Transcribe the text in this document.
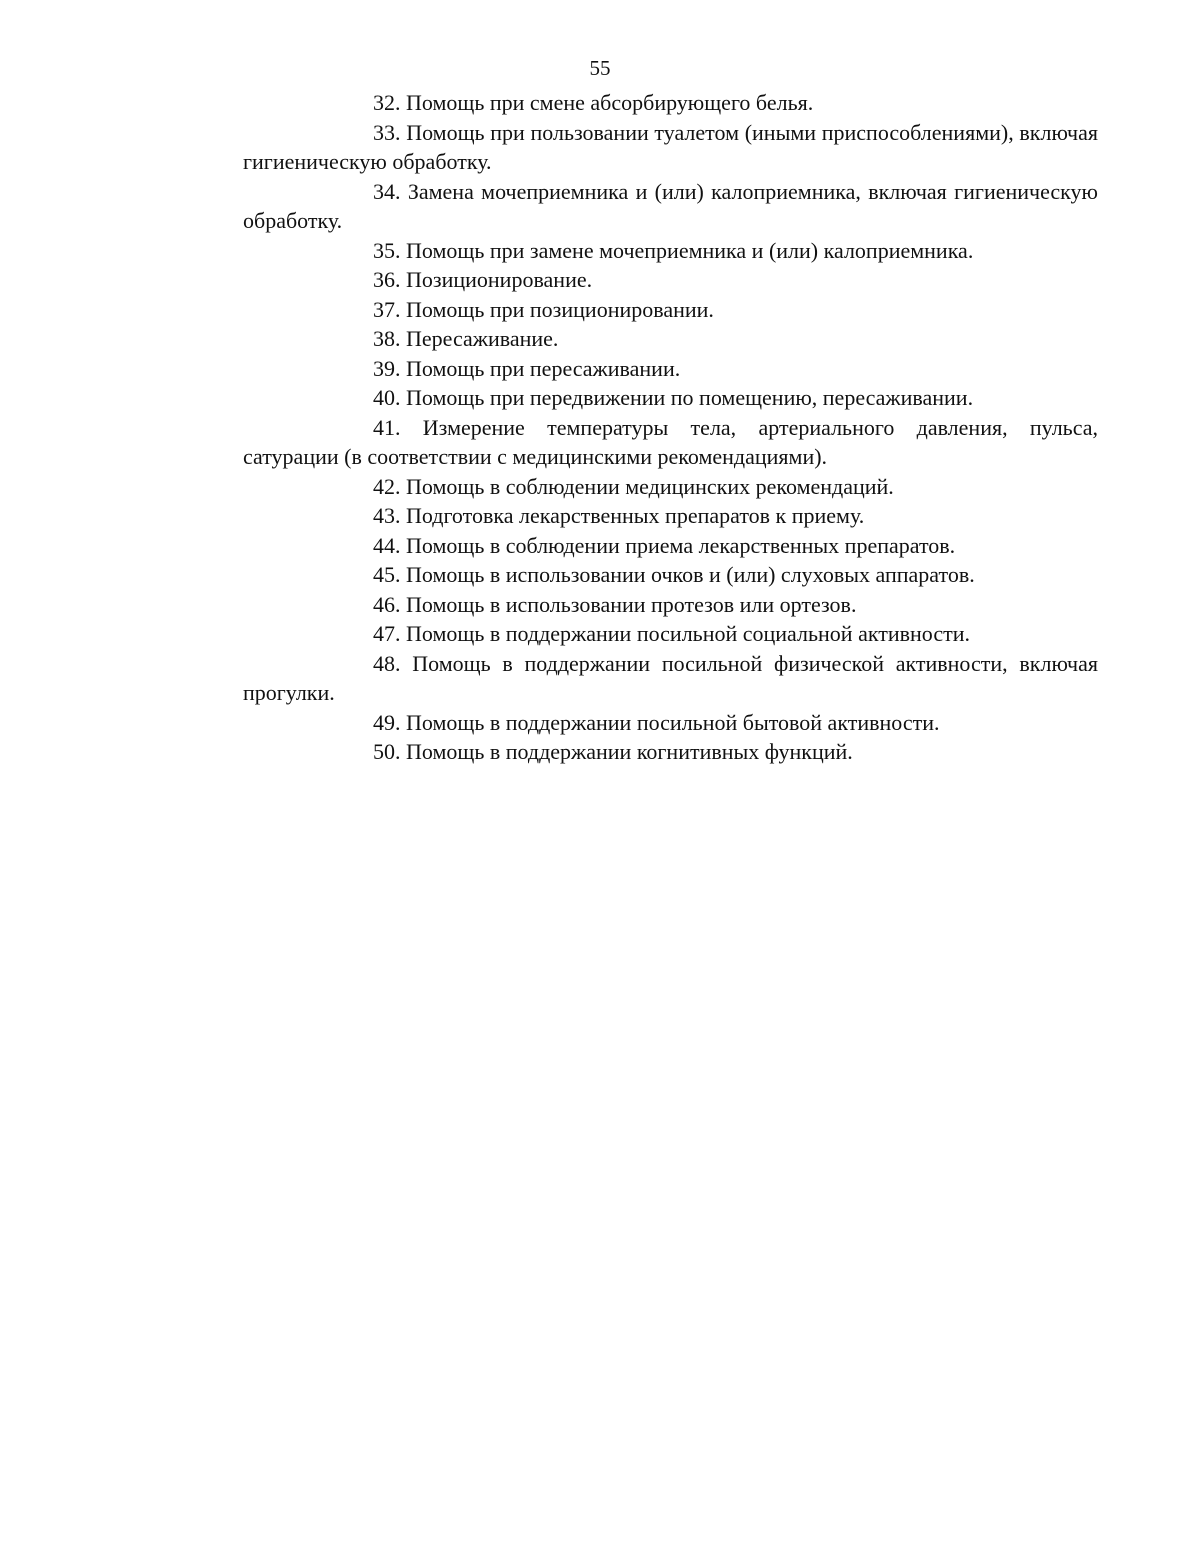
55

32. Помощь при смене абсорбирующего белья.

33. Помощь при пользовании туалетом (иными приспособлениями), включая гигиеническую обработку.

34. Замена мочеприемника и (или) калоприемника, включая гигиеническую обработку.

35. Помощь при замене мочеприемника и (или) калоприемника.

36. Позиционирование.

37. Помощь при позиционировании.

38. Пересаживание.

39. Помощь при пересаживании.

40. Помощь при передвижении по помещению, пересаживании.

41. Измерение температуры тела, артериального давления, пульса, сатурации (в соответствии с медицинскими рекомендациями).

42. Помощь в соблюдении медицинских рекомендаций.

43. Подготовка лекарственных препаратов к приему.

44. Помощь в соблюдении приема лекарственных препаратов.

45. Помощь в использовании очков и (или) слуховых аппаратов.

46. Помощь в использовании протезов или ортезов.

47. Помощь в поддержании посильной социальной активности.

48. Помощь в поддержании посильной физической активности, включая прогулки.

49. Помощь в поддержании посильной бытовой активности.

50. Помощь в поддержании когнитивных функций.
